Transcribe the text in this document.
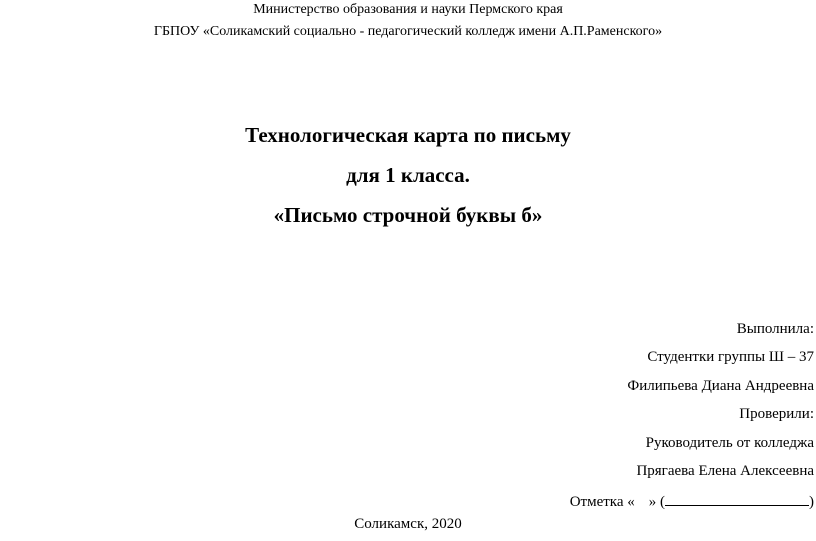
Министерство образования и науки Пермского края
ГБПОУ «Соликамский социально - педагогический колледж имени А.П.Раменского»
Технологическая карта по письму
для 1 класса.
«Письмо строчной буквы б»
Выполнила:
Студентки группы Ш – 37
Филипьева Диана Андреевна
Проверили:
Руководитель от колледжа
Прягаева Елена Алексеевна
Отметка « » (	)
Соликамск, 2020
